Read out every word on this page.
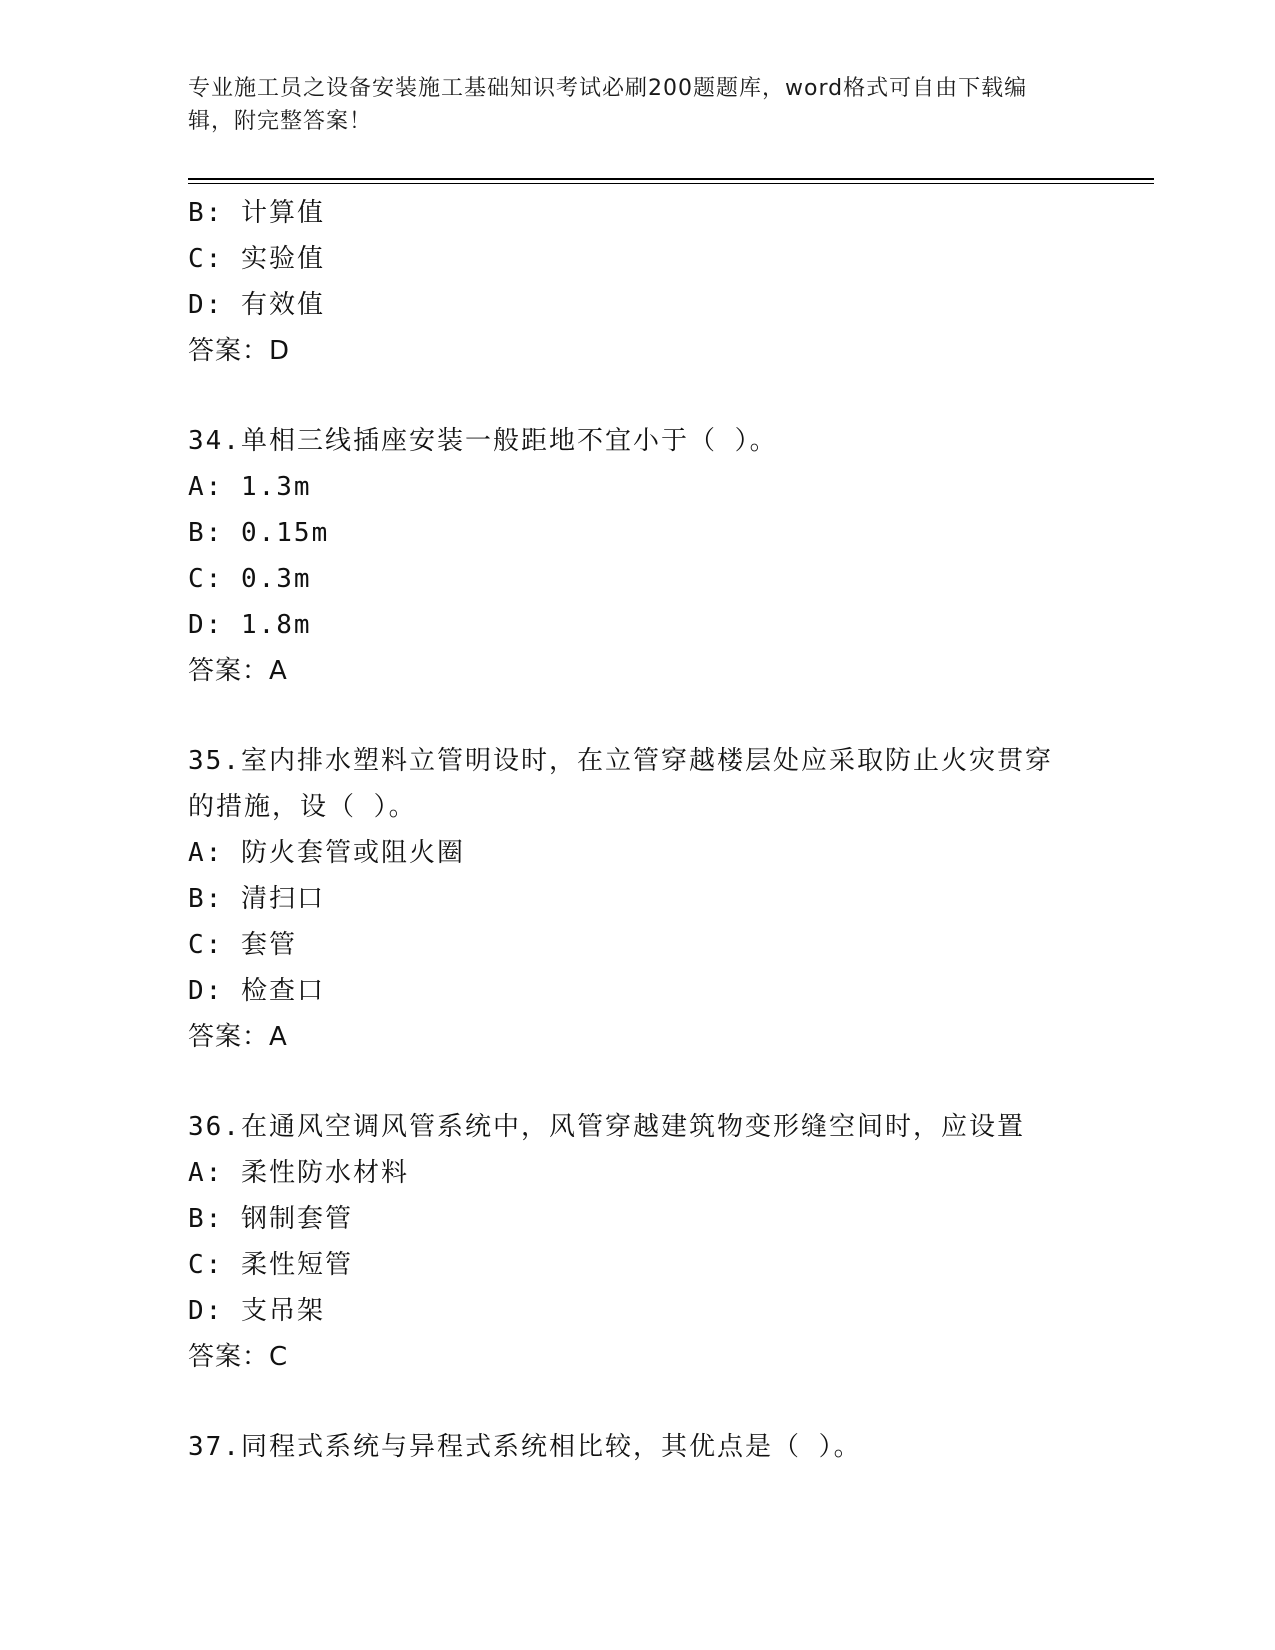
专业施工员之设备安装施工基础知识考试必刷200题题库，word格式可自由下载编辑，附完整答案！
B: 计算值
C: 实验值
D: 有效值
答案：D
34.单相三线插座安装一般距地不宜小于（ ）。
A: 1.3m
B: 0.15m
C: 0.3m
D: 1.8m
答案：A
35.室内排水塑料立管明设时，在立管穿越楼层处应采取防止火灾贯穿的措施，设（ ）。
A: 防火套管或阻火圈
B: 清扫口
C: 套管
D: 检查口
答案：A
36.在通风空调风管系统中，风管穿越建筑物变形缝空间时，应设置
A: 柔性防水材料
B: 钢制套管
C: 柔性短管
D: 支吊架
答案：C
37.同程式系统与异程式系统相比较，其优点是（ ）。
